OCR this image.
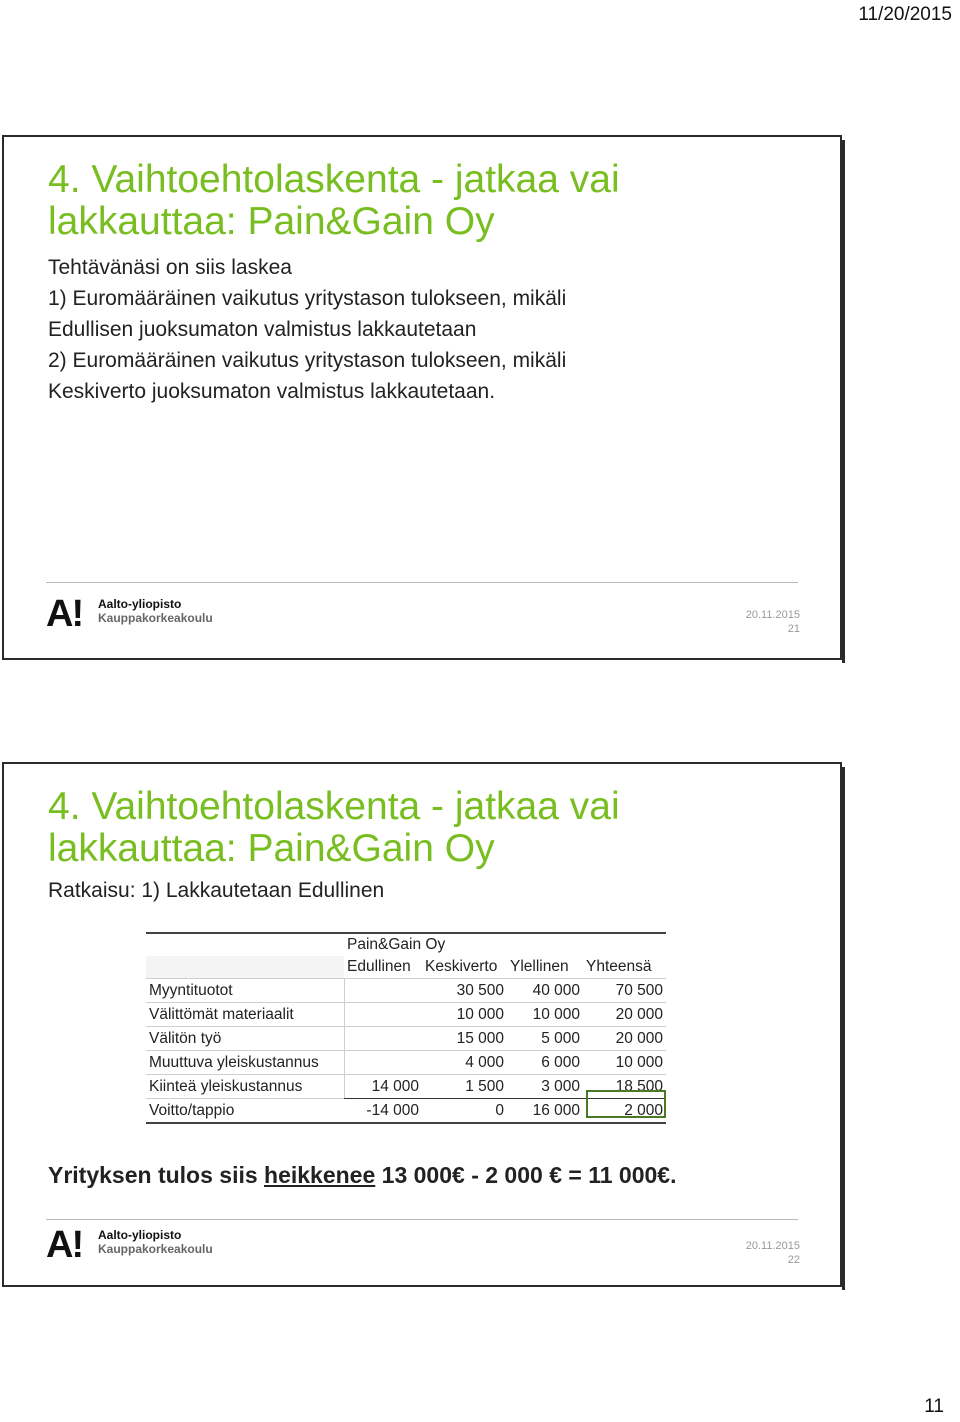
11/20/2015
4. Vaihtoehtolaskenta - jatkaa vai
lakkauttaa: Pain&Gain Oy

Tehtävänäsi on siis laskea

1) Euromääräinen vaikutus yritystason tulokseen, mikäli

Edullisen juoksumaton valmistus lakkautetaan

2) Euromääräinen vaikutus yritystason tulokseen, mikäli

Keskiverto juoksumaton valmistus lakkautetaan.

A! Aalto-yliopisto
Kauppakorkeakoulu	20.11.2015
21
4. Vaihtoehtolaskenta - jatkaa vai
lakkauttaa: Pain&Gain Oy

Ratkaisu: 1) Lakkautetaan Edullinen

	Pain&Gain Oy			
	Edullinen	Keskiverto	Ylellinen	Yhteensä
Myyntituotot		30 500	40 000	70 500
Välittömät materiaalit		10 000	10 000	20 000
Välitön työ		15 000	5 000	20 000
Muuttuva yleiskustannus		4 000	6 000	10 000
Kiinteä yleiskustannus	14 000	1 500	3 000	18 500
Voitto/tappio	-14 000	0	16 000	2 000

Yrityksen tulos siis heikkenee 13 000€ - 2 000 € = 11 000€.

A! Aalto-yliopisto
Kauppakorkeakoulu	20.11.2015
22
11
